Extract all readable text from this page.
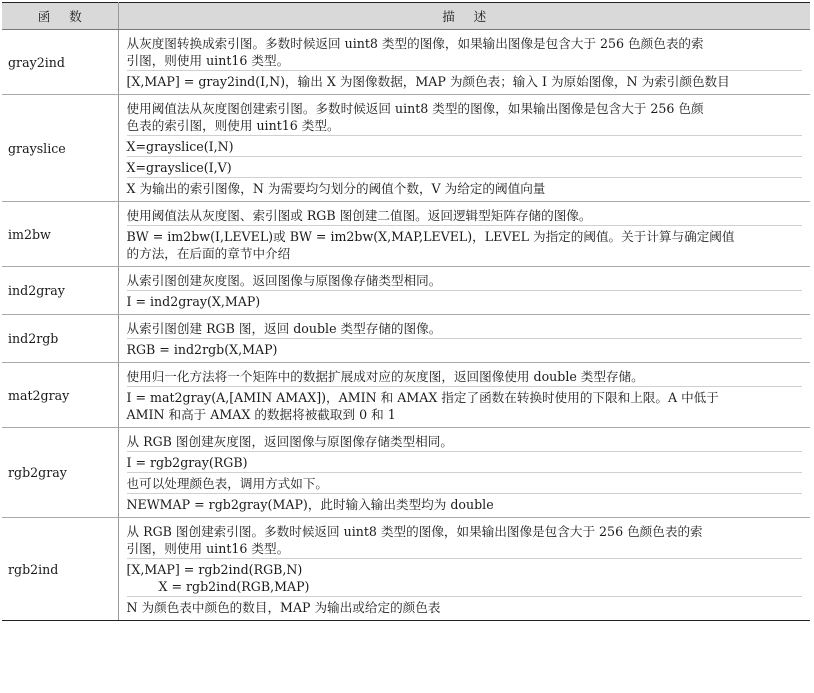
函数	描述
gray2ind	从灰度图转换成索引图。多数时候返回 uint8 类型的图像，如果输出图像是包含大于 256 色颜色表的索
引图，则使用 uint16 类型。
[X,MAP] = gray2ind(I,N)，输出 X 为图像数据，MAP 为颜色表；输入 I 为原始图像，N 为索引颜色数目

grayslice	使用阈值法从灰度图创建索引图。多数时候返回 uint8 类型的图像，如果输出图像是包含大于 256 色颜
色表的索引图，则使用 uint16 类型。
X=grayslice(I,N)
X=grayslice(I,V)
X 为输出的索引图像，N 为需要均匀划分的阈值个数，V 为给定的阈值向量

im2bw	使用阈值法从灰度图、索引图或 RGB 图创建二值图。返回逻辑型矩阵存储的图像。
BW = im2bw(I,LEVEL)或 BW = im2bw(X,MAP,LEVEL)，LEVEL 为指定的阈值。关于计算与确定阈值
的方法，在后面的章节中介绍

ind2gray	从索引图创建灰度图。返回图像与原图像存储类型相同。
I = ind2gray(X,MAP)

ind2rgb	从索引图创建 RGB 图，返回 double 类型存储的图像。
RGB = ind2rgb(X,MAP)

mat2gray	使用归一化方法将一个矩阵中的数据扩展成对应的灰度图，返回图像使用 double 类型存储。
I = mat2gray(A,[AMIN AMAX])，AMIN 和 AMAX 指定了函数在转换时使用的下限和上限。A 中低于
AMIN 和高于 AMAX 的数据将被截取到 0 和 1

rgb2gray	从 RGB 图创建灰度图，返回图像与原图像存储类型相同。
I = rgb2gray(RGB)
也可以处理颜色表，调用方式如下。
NEWMAP = rgb2gray(MAP)，此时输入输出类型均为 double

rgb2ind	从 RGB 图创建索引图。多数时候返回 uint8 类型的图像，如果输出图像是包含大于 256 色颜色表的索
引图，则使用 uint16 类型。
[X,MAP] = rgb2ind(RGB,N)
X = rgb2ind(RGB,MAP)
N 为颜色表中颜色的数目，MAP 为输出或给定的颜色表
